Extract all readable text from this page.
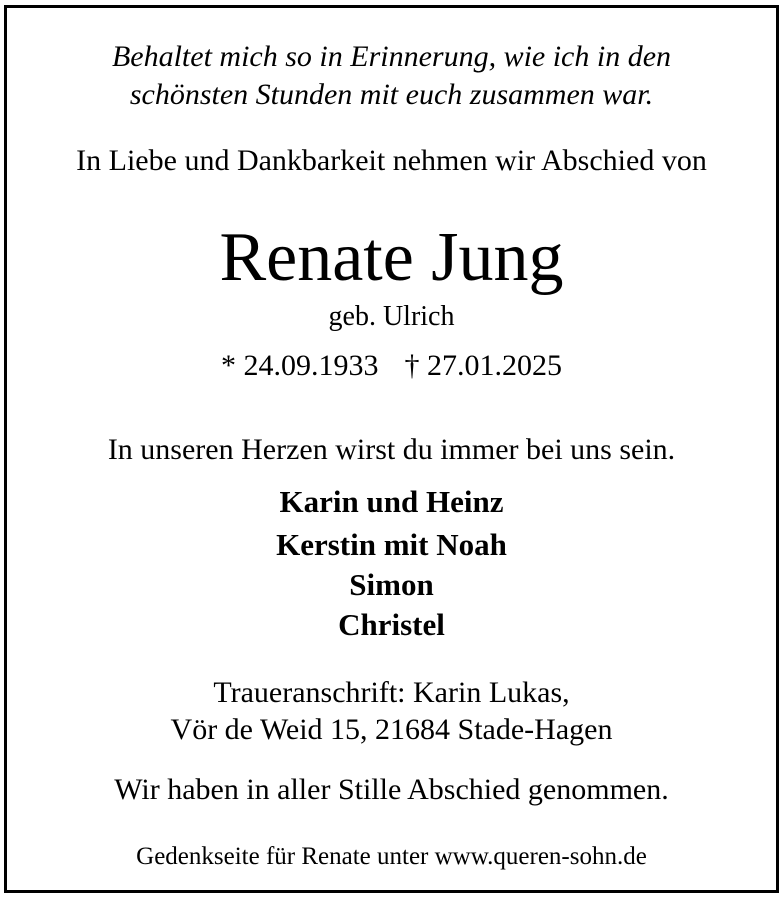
Behaltet mich so in Erinnerung, wie ich in den
schönsten Stunden mit euch zusammen war.
In Liebe und Dankbarkeit nehmen wir Abschied von
Renate Jung
geb. Ulrich
* 24.09.1933 † 27.01.2025
In unseren Herzen wirst du immer bei uns sein.
Karin und Heinz
Kerstin mit Noah
Simon
Christel
Traueranschrift: Karin Lukas,
Vör de Weid 15, 21684 Stade-Hagen
Wir haben in aller Stille Abschied genommen.
Gedenkseite für Renate unter www.queren-sohn.de
